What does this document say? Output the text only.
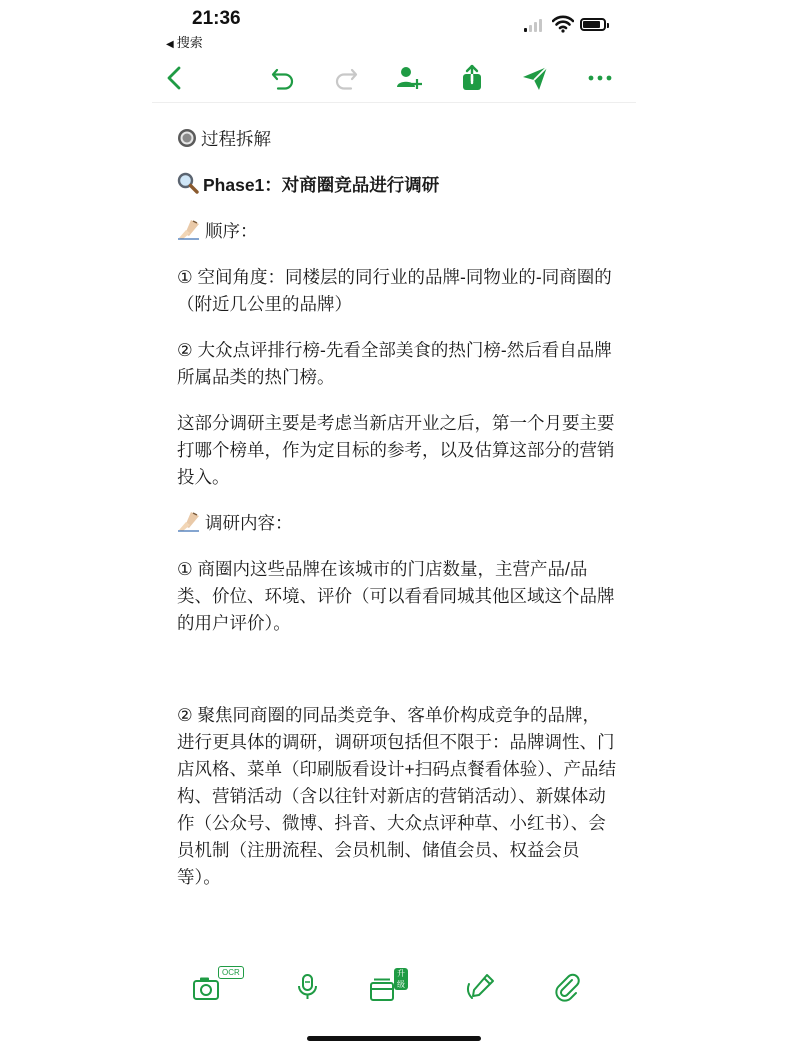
21:36
◀ 搜索

过程拆解

Phase1：对商圈竞品进行调研

顺序：

① 空间角度：同楼层的同行业的品牌-同物业的-同商圈的（附近几公里的品牌）

② 大众点评排行榜-先看全部美食的热门榜-然后看自品牌所属品类的热门榜。

这部分调研主要是考虑当新店开业之后，第一个月要主要打哪个榜单，作为定目标的参考，以及估算这部分的营销投入。

调研内容：

① 商圈内这些品牌在该城市的门店数量，主营产品/品类、价位、环境、评价（可以看看同城其他区域这个品牌的用户评价）。

② 聚焦同商圈的同品类竞争、客单价构成竞争的品牌，进行更具体的调研，调研项包括但不限于：品牌调性、门店风格、菜单（印刷版看设计+扫码点餐看体验）、产品结构、营销活动（含以往针对新店的营销活动）、新媒体动作（公众号、微博、抖音、大众点评种草、小红书）、会员机制（注册流程、会员机制、储值会员、权益会员等）。

OCR	升级
